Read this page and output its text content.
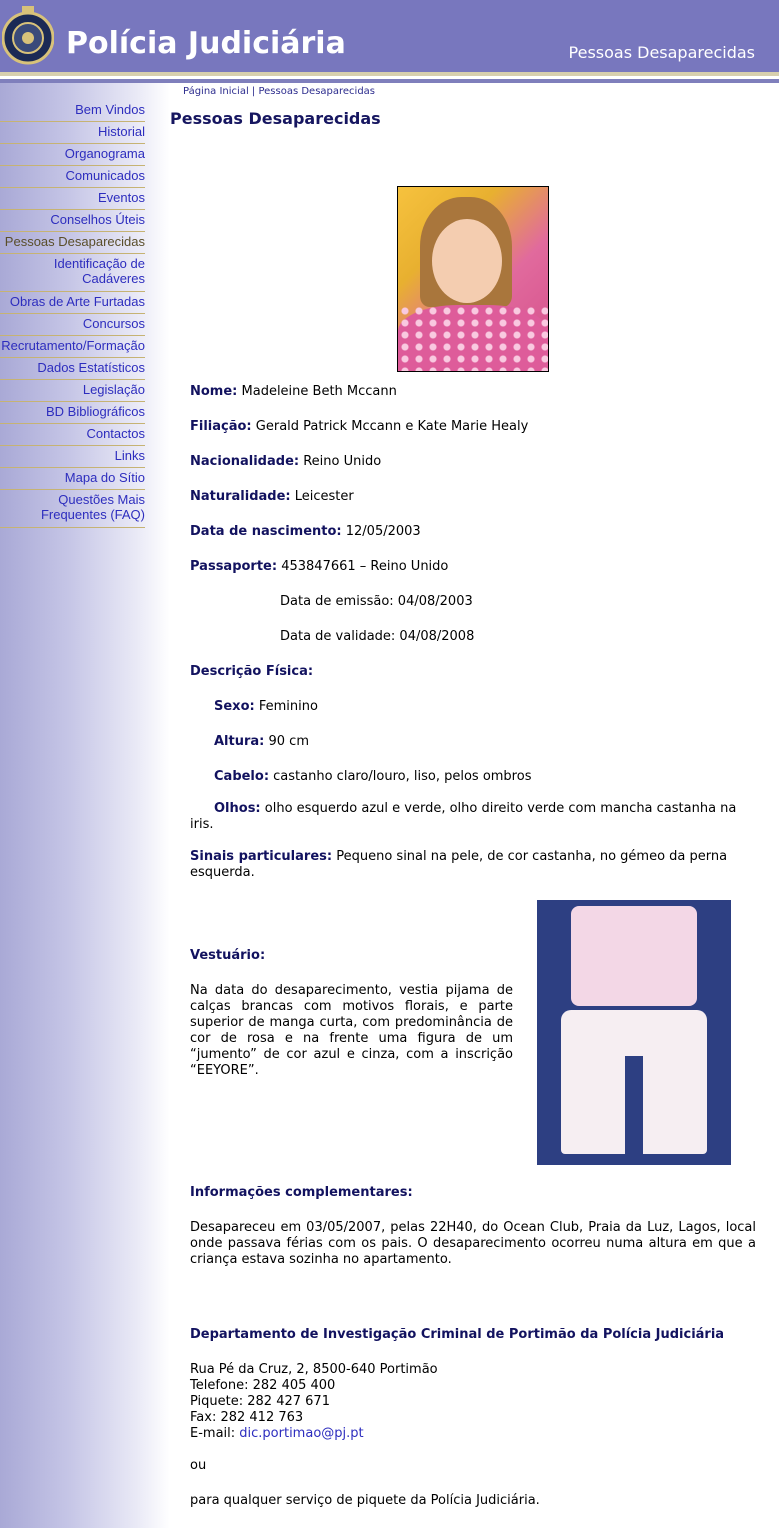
Polícia Judiciária	Pessoas Desaparecidas
Bem Vindos
Historial
Organograma
Comunicados
Eventos
Conselhos Úteis
Pessoas Desaparecidas
Identificação de Cadáveres
Obras de Arte Furtadas
Concursos
Recrutamento/Formação
Dados Estatísticos
Legislação
BD Bibliográficos
Contactos
Links
Mapa do Sítio
Questões Mais Frequentes (FAQ)
Página Inicial | Pessoas Desaparecidas
Pessoas Desaparecidas
Nome: Madeleine Beth Mccann
Filiação: Gerald Patrick Mccann e Kate Marie Healy
Nacionalidade: Reino Unido
Naturalidade: Leicester
Data de nascimento: 12/05/2003
Passaporte: 453847661 – Reino Unido
Data de emissão: 04/08/2003
Data de validade: 04/08/2008
Descrição Física:
Sexo: Feminino
Altura: 90 cm
Cabelo: castanho claro/louro, liso, pelos ombros
Olhos: olho esquerdo azul e verde, olho direito verde com mancha castanha na
iris.
Sinais particulares: Pequeno sinal na pele, de cor castanha, no gémeo da perna
esquerda.
Vestuário:
Na data do desaparecimento, vestia pijama de calças brancas com motivos florais, e parte superior de manga curta, com predominância de cor de rosa e na frente uma figura de um “jumento” de cor azul e cinza, com a inscrição “EEYORE”.
Informações complementares:
Desapareceu em 03/05/2007, pelas 22H40, do Ocean Club, Praia da Luz, Lagos, local onde passava férias com os pais. O desaparecimento ocorreu numa altura em que a criança estava sozinha no apartamento.
Departamento de Investigação Criminal de Portimão da Polícia Judiciária
Rua Pé da Cruz, 2, 8500-640 Portimão
Telefone: 282 405 400
Piquete: 282 427 671
Fax: 282 412 763
E-mail: dic.portimao@pj.pt
ou
para qualquer serviço de piquete da Polícia Judiciária.
